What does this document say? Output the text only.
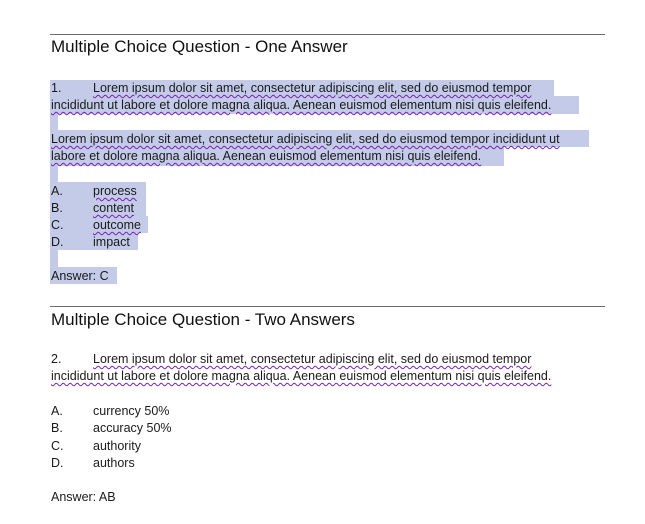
Multiple Choice Question - One Answer
1.	Lorem ipsum dolor sit amet, consectetur adipiscing elit, sed do eiusmod tempor
incididunt ut labore et dolore magna aliqua. Aenean euismod elementum nisi quis eleifend.
Lorem ipsum dolor sit amet, consectetur adipiscing elit, sed do eiusmod tempor incididunt ut
labore et dolore magna aliqua. Aenean euismod elementum nisi quis eleifend.
A. process
B. content
C. outcome
D. impact
Answer: C
Multiple Choice Question - Two Answers
2.	Lorem ipsum dolor sit amet, consectetur adipiscing elit, sed do eiusmod tempor
incididunt ut labore et dolore magna aliqua. Aenean euismod elementum nisi quis eleifend.
A. currency 50%
B. accuracy 50%
C. authority
D. authors
Answer: AB
